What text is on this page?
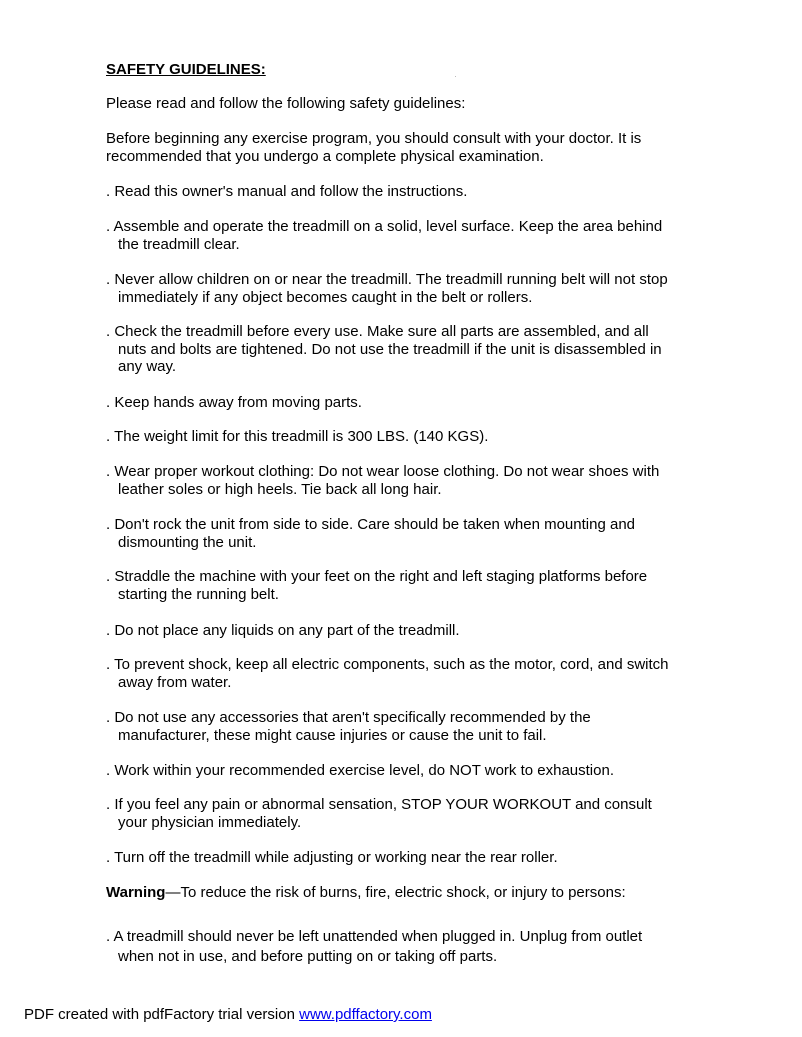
SAFETY GUIDELINES:
Please read and follow the following safety guidelines:
Before beginning any exercise program, you should consult with your doctor. It is
recommended that you undergo a complete physical examination.
. Read this owner's manual and follow the instructions.
. Assemble and operate the treadmill on a solid, level surface. Keep the area behind
the treadmill clear.
. Never allow children on or near the treadmill. The treadmill running belt will not stop
immediately if any object becomes caught in the belt or rollers.
. Check the treadmill before every use. Make sure all parts are assembled, and all
nuts and bolts are tightened. Do not use the treadmill if the unit is disassembled in
any way.
. Keep hands away from moving parts.
. The weight limit for this treadmill is 300 LBS. (140 KGS).
. Wear proper workout clothing: Do not wear loose clothing. Do not wear shoes with
leather soles or high heels. Tie back all long hair.
. Don't rock the unit from side to side. Care should be taken when mounting and
dismounting the unit.
. Straddle the machine with your feet on the right and left staging platforms before
starting the running belt.
. Do not place any liquids on any part of the treadmill.
. To prevent shock, keep all electric components, such as the motor, cord, and switch
away from water.
. Do not use any accessories that aren't specifically recommended by the
manufacturer, these might cause injuries or cause the unit to fail.
. Work within your recommended exercise level, do NOT work to exhaustion.
. If you feel any pain or abnormal sensation, STOP YOUR WORKOUT and consult
your physician immediately.
. Turn off the treadmill while adjusting or working near the rear roller.
Warning—To reduce the risk of burns, fire, electric shock, or injury to persons:
. A treadmill should never be left unattended when plugged in. Unplug from outlet
when not in use, and before putting on or taking off parts.
PDF created with pdfFactory trial version www.pdffactory.com
